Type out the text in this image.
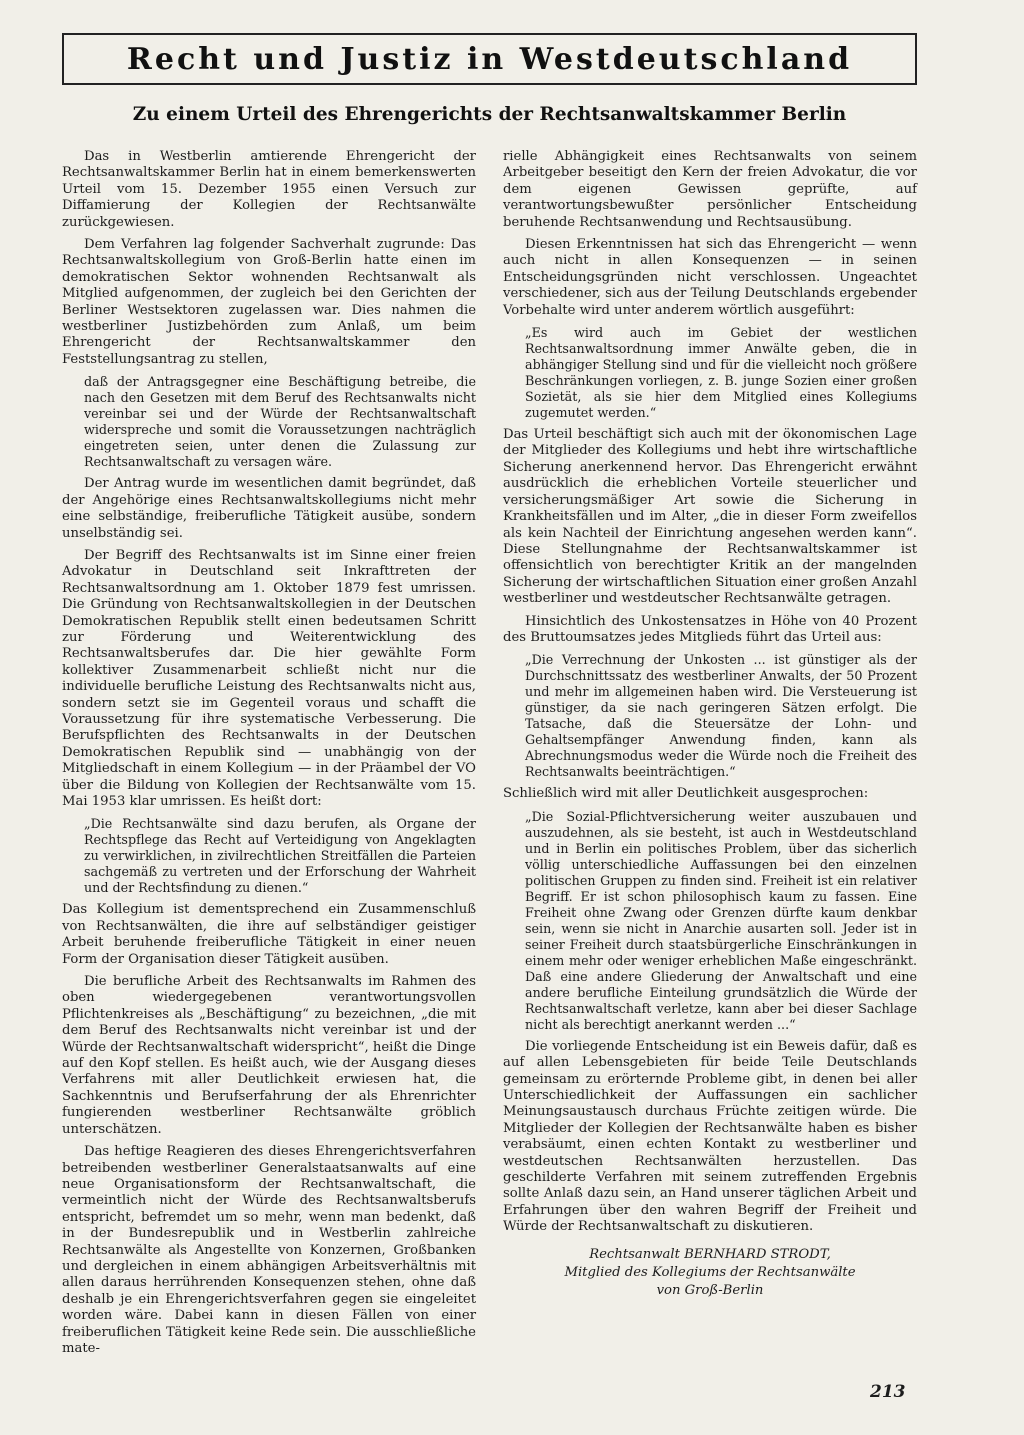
Recht und Justiz in Westdeutschland
Zu einem Urteil des Ehrengerichts der Rechtsanwaltskammer Berlin

Das in Westberlin amtierende Ehrengericht der Rechtsanwaltskammer Berlin hat in einem bemerkenswerten Urteil vom 15. Dezember 1955 einen Versuch zur Diffamierung der Kollegien der Rechtsanwälte zurückgewiesen.

Dem Verfahren lag folgender Sachverhalt zugrunde: Das Rechtsanwaltskollegium von Groß-Berlin hatte einen im demokratischen Sektor wohnenden Rechtsanwalt als Mitglied aufgenommen, der zugleich bei den Gerichten der Berliner Westsektoren zugelassen war. Dies nahmen die westberliner Justizbehörden zum Anlaß, um beim Ehrengericht der Rechtsanwaltskammer den Feststellungsantrag zu stellen,

daß der Antragsgegner eine Beschäftigung betreibe, die nach den Gesetzen mit dem Beruf des Rechtsanwalts nicht vereinbar sei und der Würde der Rechtsanwaltschaft widerspreche und somit die Voraussetzungen nachträglich eingetreten seien, unter denen die Zulassung zur Rechtsanwaltschaft zu versagen wäre.

Der Antrag wurde im wesentlichen damit begründet, daß der Angehörige eines Rechtsanwaltskollegiums nicht mehr eine selbständige, freiberufliche Tätigkeit ausübe, sondern unselbständig sei.

Der Begriff des Rechtsanwalts ist im Sinne einer freien Advokatur in Deutschland seit Inkrafttreten der Rechtsanwaltsordnung am 1. Oktober 1879 fest umrissen. Die Gründung von Rechtsanwaltskollegien in der Deutschen Demokratischen Republik stellt einen bedeutsamen Schritt zur Förderung und Weiterentwicklung des Rechtsanwaltsberufes dar. Die hier gewählte Form kollektiver Zusammenarbeit schließt nicht nur die individuelle berufliche Leistung des Rechtsanwalts nicht aus, sondern setzt sie im Gegenteil voraus und schafft die Voraussetzung für ihre systematische Verbesserung. Die Berufspflichten des Rechtsanwalts in der Deutschen Demokratischen Republik sind — unabhängig von der Mitgliedschaft in einem Kollegium — in der Präambel der VO über die Bildung von Kollegien der Rechtsanwälte vom 15. Mai 1953 klar umrissen. Es heißt dort:

„Die Rechtsanwälte sind dazu berufen, als Organe der Rechtspflege das Recht auf Verteidigung von Angeklagten zu verwirklichen, in zivilrechtlichen Streitfällen die Parteien sachgemäß zu vertreten und der Erforschung der Wahrheit und der Rechtsfindung zu dienen.“

Das Kollegium ist dementsprechend ein Zusammenschluß von Rechtsanwälten, die ihre auf selbständiger geistiger Arbeit beruhende freiberufliche Tätigkeit in einer neuen Form der Organisation dieser Tätigkeit ausüben.

Die berufliche Arbeit des Rechtsanwalts im Rahmen des oben wiedergegebenen verantwortungsvollen Pflichtenkreises als „Beschäftigung“ zu bezeichnen, „die mit dem Beruf des Rechtsanwalts nicht vereinbar ist und der Würde der Rechtsanwaltschaft widerspricht“, heißt die Dinge auf den Kopf stellen. Es heißt auch, wie der Ausgang dieses Verfahrens mit aller Deutlichkeit erwiesen hat, die Sachkenntnis und Berufserfahrung der als Ehrenrichter fungierenden westberliner Rechtsanwälte gröblich unterschätzen.

Das heftige Reagieren des dieses Ehrengerichtsverfahren betreibenden westberliner Generalstaatsanwalts auf eine neue Organisationsform der Rechtsanwaltschaft, die vermeintlich nicht der Würde des Rechtsanwaltsberufs entspricht, befremdet um so mehr, wenn man bedenkt, daß in der Bundesrepublik und in Westberlin zahlreiche Rechtsanwälte als Angestellte von Konzernen, Großbanken und dergleichen in einem abhängigen Arbeitsverhältnis mit allen daraus herrührenden Konsequenzen stehen, ohne daß deshalb je ein Ehrengerichtsverfahren gegen sie eingeleitet worden wäre. Dabei kann in diesen Fällen von einer freiberuflichen Tätigkeit keine Rede sein. Die ausschließliche mate-

rielle Abhängigkeit eines Rechtsanwalts von seinem Arbeitgeber beseitigt den Kern der freien Advokatur, die vor dem eigenen Gewissen geprüfte, auf verantwortungsbewußter persönlicher Entscheidung beruhende Rechtsanwendung und Rechtsausübung.

Diesen Erkenntnissen hat sich das Ehrengericht — wenn auch nicht in allen Konsequenzen — in seinen Entscheidungsgründen nicht verschlossen. Ungeachtet verschiedener, sich aus der Teilung Deutschlands ergebender Vorbehalte wird unter anderem wörtlich ausgeführt:

„Es wird auch im Gebiet der westlichen Rechtsanwaltsordnung immer Anwälte geben, die in abhängiger Stellung sind und für die vielleicht noch größere Beschränkungen vorliegen, z. B. junge Sozien einer großen Sozietät, als sie hier dem Mitglied eines Kollegiums zugemutet werden.“

Das Urteil beschäftigt sich auch mit der ökonomischen Lage der Mitglieder des Kollegiums und hebt ihre wirtschaftliche Sicherung anerkennend hervor. Das Ehrengericht erwähnt ausdrücklich die erheblichen Vorteile steuerlicher und versicherungsmäßiger Art sowie die Sicherung in Krankheitsfällen und im Alter, „die in dieser Form zweifellos als kein Nachteil der Einrichtung angesehen werden kann“. Diese Stellungnahme der Rechtsanwaltskammer ist offensichtlich von berechtigter Kritik an der mangelnden Sicherung der wirtschaftlichen Situation einer großen Anzahl westberliner und westdeutscher Rechtsanwälte getragen.

Hinsichtlich des Unkostensatzes in Höhe von 40 Prozent des Bruttoumsatzes jedes Mitglieds führt das Urteil aus:

„Die Verrechnung der Unkosten ... ist günstiger als der Durchschnittssatz des westberliner Anwalts, der 50 Prozent und mehr im allgemeinen haben wird. Die Versteuerung ist günstiger, da sie nach geringeren Sätzen erfolgt. Die Tatsache, daß die Steuersätze der Lohn- und Gehaltsempfänger Anwendung finden, kann als Abrechnungsmodus weder die Würde noch die Freiheit des Rechtsanwalts beeinträchtigen.“

Schließlich wird mit aller Deutlichkeit ausgesprochen:

„Die Sozial-Pflichtversicherung weiter auszubauen und auszudehnen, als sie besteht, ist auch in Westdeutschland und in Berlin ein politisches Problem, über das sicherlich völlig unterschiedliche Auffassungen bei den einzelnen politischen Gruppen zu finden sind. Freiheit ist ein relativer Begriff. Er ist schon philosophisch kaum zu fassen. Eine Freiheit ohne Zwang oder Grenzen dürfte kaum denkbar sein, wenn sie nicht in Anarchie ausarten soll. Jeder ist in seiner Freiheit durch staatsbürgerliche Einschränkungen in einem mehr oder weniger erheblichen Maße eingeschränkt. Daß eine andere Gliederung der Anwaltschaft und eine andere berufliche Einteilung grundsätzlich die Würde der Rechtsanwaltschaft verletze, kann aber bei dieser Sachlage nicht als berechtigt anerkannt werden ...“

Die vorliegende Entscheidung ist ein Beweis dafür, daß es auf allen Lebensgebieten für beide Teile Deutschlands gemeinsam zu erörternde Probleme gibt, in denen bei aller Unterschiedlichkeit der Auffassungen ein sachlicher Meinungsaustausch durchaus Früchte zeitigen würde. Die Mitglieder der Kollegien der Rechtsanwälte haben es bisher verabsäumt, einen echten Kontakt zu westberliner und westdeutschen Rechtsanwälten herzustellen. Das geschilderte Verfahren mit seinem zutreffenden Ergebnis sollte Anlaß dazu sein, an Hand unserer täglichen Arbeit und Erfahrungen über den wahren Begriff der Freiheit und Würde der Rechtsanwaltschaft zu diskutieren.

Rechtsanwalt BERNHARD STRODT,
Mitglied des Kollegiums der Rechtsanwälte
von Groß-Berlin
213
